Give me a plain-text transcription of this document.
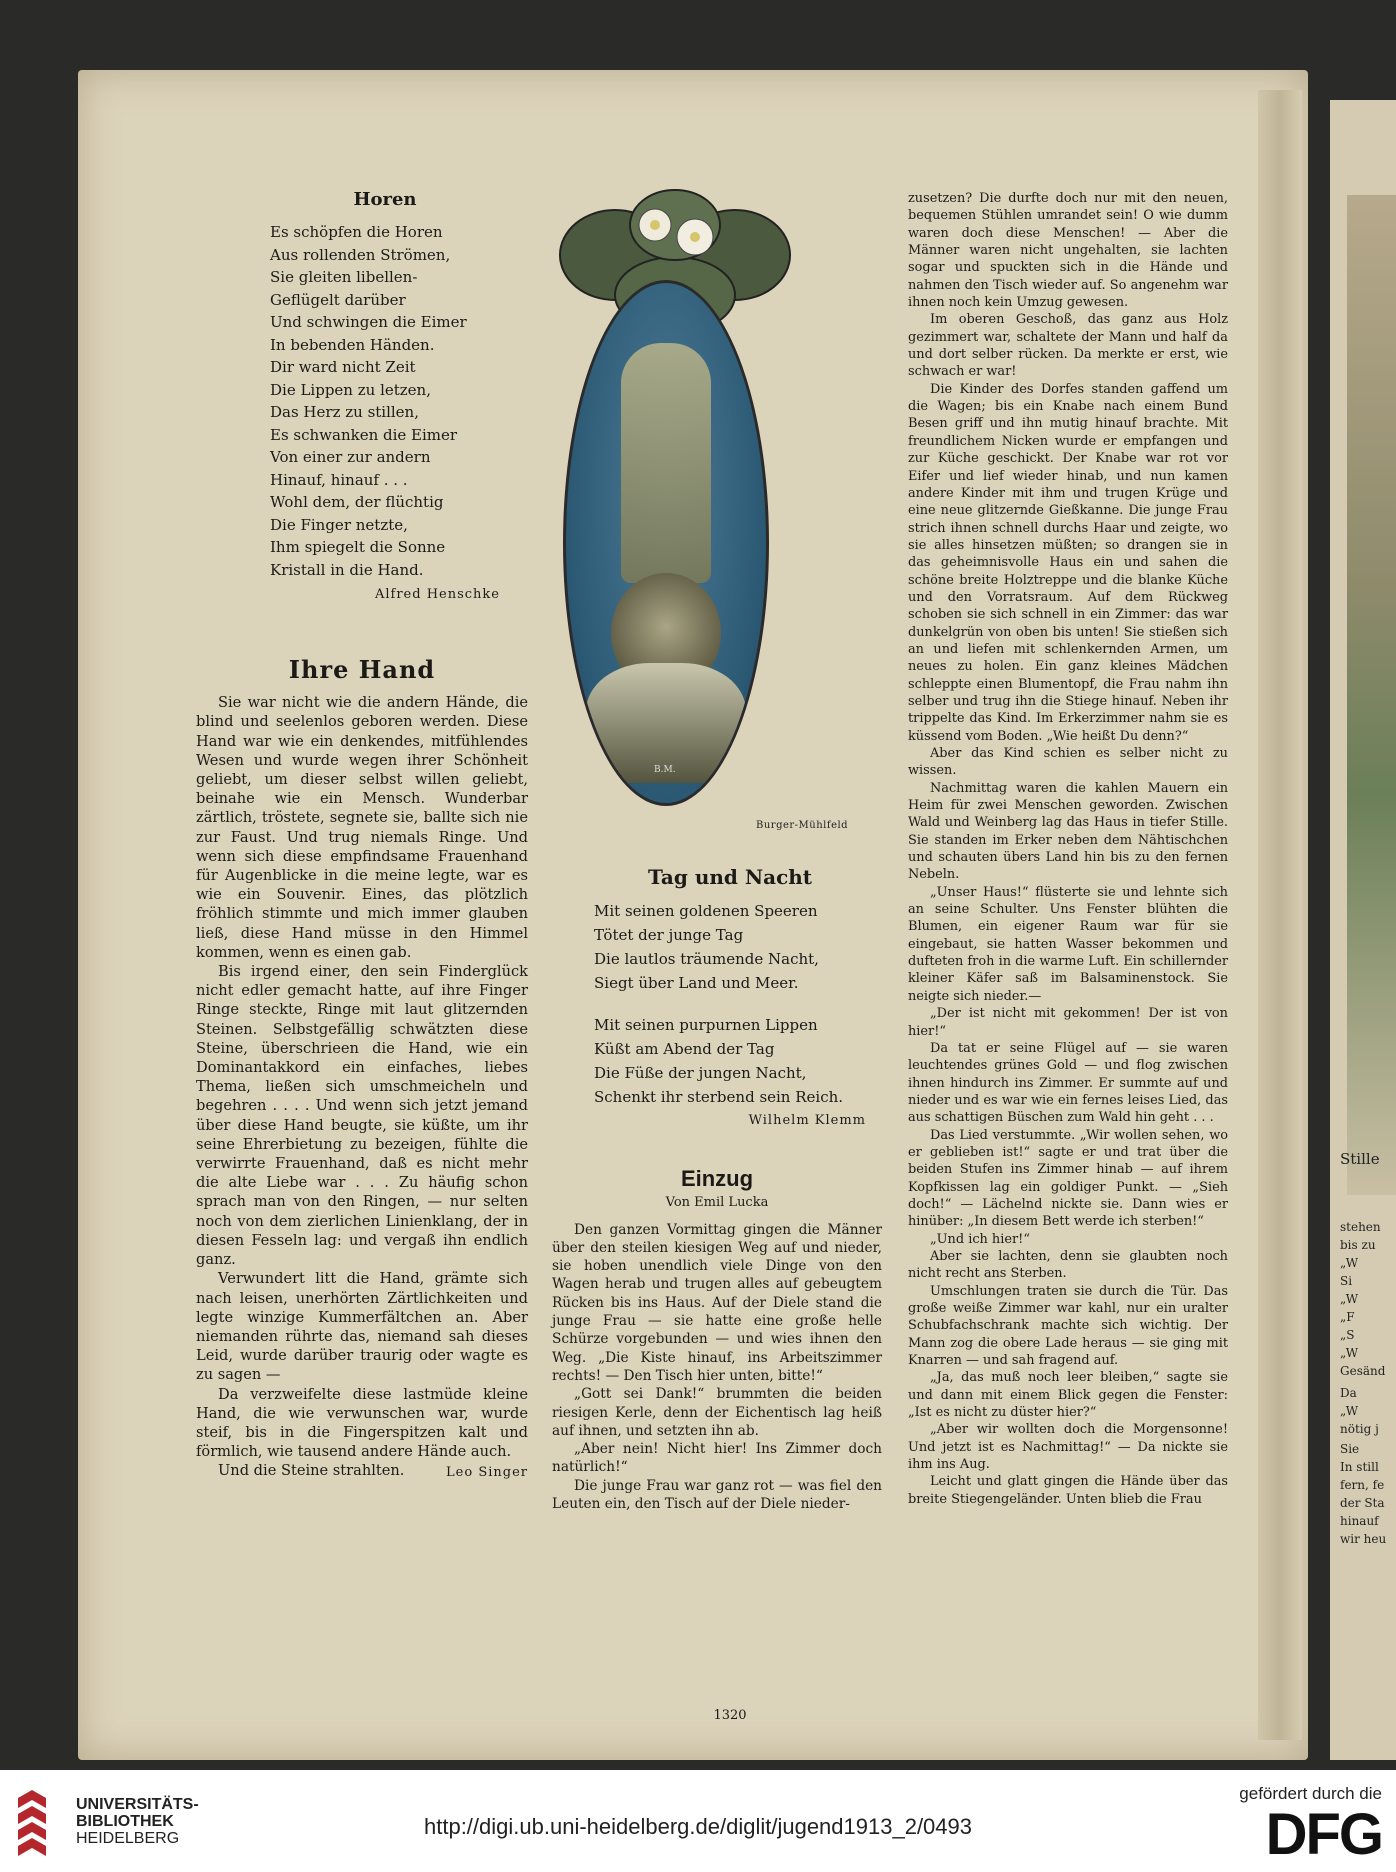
Stille
stehen
bis zu
„W
Si
„W
„F
„S
„W
Gesänd
Da
„W
nötig j
Sie
In still
fern, fe
der Sta
hinauf
wir heu
Horen
Es schöpfen die Horen
Aus rollenden Strömen,
Sie gleiten libellen-
Geflügelt darüber
Und schwingen die Eimer
In bebenden Händen.
Dir ward nicht Zeit
Die Lippen zu letzen,
Das Herz zu stillen,
Es schwanken die Eimer
Von einer zur andern
Hinauf, hinauf . . .
Wohl dem, der flüchtig
Die Finger netzte,
Ihm spiegelt die Sonne
Kristall in die Hand.
Alfred Henschke
Ihre Hand

Sie war nicht wie die andern Hände, die blind und seelenlos geboren werden. Diese Hand war wie ein denkendes, mitfühlendes Wesen und wurde wegen ihrer Schönheit geliebt, um dieser selbst willen geliebt, beinahe wie ein Mensch. Wunderbar zärtlich, tröstete, segnete sie, ballte sich nie zur Faust. Und trug niemals Ringe. Und wenn sich diese empfindsame Frauenhand für Augenblicke in die meine legte, war es wie ein Souvenir. Eines, das plötzlich fröhlich stimmte und mich immer glauben ließ, diese Hand müsse in den Himmel kommen, wenn es einen gab.

Bis irgend einer, den sein Finderglück nicht edler gemacht hatte, auf ihre Finger Ringe steckte, Ringe mit laut glitzernden Steinen. Selbstgefällig schwätzten diese Steine, überschrieen die Hand, wie ein Dominantakkord ein einfaches, liebes Thema, ließen sich umschmeicheln und begehren . . . . Und wenn sich jetzt jemand über diese Hand beugte, sie küßte, um ihr seine Ehrerbietung zu bezeigen, fühlte die verwirrte Frauenhand, daß es nicht mehr die alte Liebe war . . . Zu häufig schon sprach man von den Ringen, — nur selten noch von dem zierlichen Linienklang, der in diesen Fesseln lag: und vergaß ihn endlich ganz.

Verwundert litt die Hand, grämte sich nach leisen, unerhörten Zärtlichkeiten und legte winzige Kummerfältchen an. Aber niemanden rührte das, niemand sah dieses Leid, wurde darüber traurig oder wagte es zu sagen —

Da verzweifelte diese lastmüde kleine Hand, die wie verwunschen war, wurde steif, bis in die Fingerspitzen kalt und förmlich, wie tausend andere Hände auch.

Und die Steine strahlten.	Leo Singer
B.M.
Burger-Mühlfeld
Tag und Nacht
Mit seinen goldenen Speeren
Tötet der junge Tag
Die lautlos träumende Nacht,
Siegt über Land und Meer.
Mit seinen purpurnen Lippen
Küßt am Abend der Tag
Die Füße der jungen Nacht,
Schenkt ihr sterbend sein Reich.
Wilhelm Klemm
Einzug
Von Emil Lucka

Den ganzen Vormittag gingen die Männer über den steilen kiesigen Weg auf und nieder, sie hoben unendlich viele Dinge von den Wagen herab und trugen alles auf gebeugtem Rücken bis ins Haus. Auf der Diele stand die junge Frau — sie hatte eine große helle Schürze vorgebunden — und wies ihnen den Weg. „Die Kiste hinauf, ins Arbeitszimmer rechts! — Den Tisch hier unten, bitte!“

„Gott sei Dank!“ brummten die beiden riesigen Kerle, denn der Eichentisch lag heiß auf ihnen, und setzten ihn ab.

„Aber nein! Nicht hier! Ins Zimmer doch natürlich!“

Die junge Frau war ganz rot — was fiel den Leuten ein, den Tisch auf der Diele nieder-

zusetzen? Die durfte doch nur mit den neuen, bequemen Stühlen umrandet sein! O wie dumm waren doch diese Menschen! — Aber die Männer waren nicht ungehalten, sie lachten sogar und spuckten sich in die Hände und nahmen den Tisch wieder auf. So angenehm war ihnen noch kein Umzug gewesen.

Im oberen Geschoß, das ganz aus Holz gezimmert war, schaltete der Mann und half da und dort selber rücken. Da merkte er erst, wie schwach er war!

Die Kinder des Dorfes standen gaffend um die Wagen; bis ein Knabe nach einem Bund Besen griff und ihn mutig hinauf brachte. Mit freundlichem Nicken wurde er empfangen und zur Küche geschickt. Der Knabe war rot vor Eifer und lief wieder hinab, und nun kamen andere Kinder mit ihm und trugen Krüge und eine neue glitzernde Gießkanne. Die junge Frau strich ihnen schnell durchs Haar und zeigte, wo sie alles hinsetzen müßten; so drangen sie in das geheimnisvolle Haus ein und sahen die schöne breite Holztreppe und die blanke Küche und den Vorratsraum. Auf dem Rückweg schoben sie sich schnell in ein Zimmer: das war dunkelgrün von oben bis unten! Sie stießen sich an und liefen mit schlenkernden Armen, um neues zu holen. Ein ganz kleines Mädchen schleppte einen Blumentopf, die Frau nahm ihn selber und trug ihn die Stiege hinauf. Neben ihr trippelte das Kind. Im Erkerzimmer nahm sie es küssend vom Boden. „Wie heißt Du denn?“

Aber das Kind schien es selber nicht zu wissen.

Nachmittag waren die kahlen Mauern ein Heim für zwei Menschen geworden. Zwischen Wald und Weinberg lag das Haus in tiefer Stille. Sie standen im Erker neben dem Nähtischchen und schauten übers Land hin bis zu den fernen Nebeln.

„Unser Haus!“ flüsterte sie und lehnte sich an seine Schulter. Uns Fenster blühten die Blumen, ein eigener Raum war für sie eingebaut, sie hatten Wasser bekommen und dufteten froh in die warme Luft. Ein schillernder kleiner Käfer saß im Balsaminenstock. Sie neigte sich nieder.—

„Der ist nicht mit gekommen! Der ist von hier!“

Da tat er seine Flügel auf — sie waren leuchtendes grünes Gold — und flog zwischen ihnen hindurch ins Zimmer. Er summte auf und nieder und es war wie ein fernes leises Lied, das aus schattigen Büschen zum Wald hin geht . . .

Das Lied verstummte. „Wir wollen sehen, wo er geblieben ist!“ sagte er und trat über die beiden Stufen ins Zimmer hinab — auf ihrem Kopfkissen lag ein goldiger Punkt. — „Sieh doch!“ — Lächelnd nickte sie. Dann wies er hinüber: „In diesem Bett werde ich sterben!“

„Und ich hier!“

Aber sie lachten, denn sie glaubten noch nicht recht ans Sterben.

Umschlungen traten sie durch die Tür. Das große weiße Zimmer war kahl, nur ein uralter Schubfachschrank machte sich wichtig. Der Mann zog die obere Lade heraus — sie ging mit Knarren — und sah fragend auf.

„Ja, das muß noch leer bleiben,“ sagte sie und dann mit einem Blick gegen die Fenster: „Ist es nicht zu düster hier?“

„Aber wir wollten doch die Morgensonne! Und jetzt ist es Nachmittag!“ — Da nickte sie ihm ins Aug.

Leicht und glatt gingen die Hände über das breite Stiegengeländer. Unten blieb die Frau

1320
UNIVERSITÄTS-
BIBLIOTHEK
HEIDELBERG	http://digi.ub.uni-heidelberg.de/diglit/jugend1913_2/0493
gefördert durch die
DFG
